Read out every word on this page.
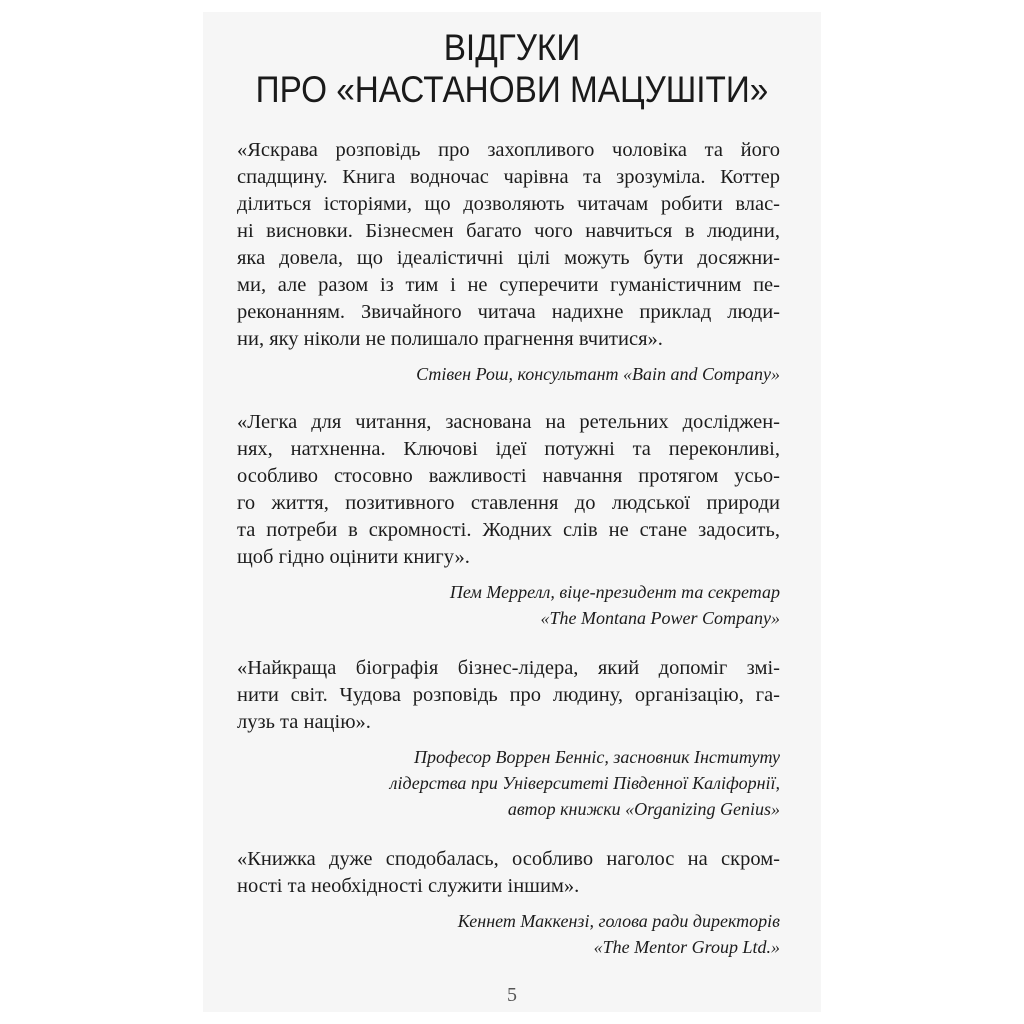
ВІДГУКИ
ПРО «НАСТАНОВИ МАЦУШІТИ»
«Яскрава розповідь про захопливого чоловіка та його
спадщину. Книга водночас чарівна та зрозуміла. Коттер
ділиться історіями, що дозволяють читачам робити влас-
ні висновки. Бізнесмен багато чого навчиться в людини,
яка довела, що ідеалістичні цілі можуть бути досяжни-
ми, але разом із тим і не суперечити гуманістичним пе-
реконанням. Звичайного читача надихне приклад люди-
ни, яку ніколи не полишало прагнення вчитися».
Стівен Рош, консультант «Bain and Company»
«Легка для читання, заснована на ретельних досліджен-
нях, натхненна. Ключові ідеї потужні та переконливі,
особливо стосовно важливості навчання протягом усьо-
го життя, позитивного ставлення до людської природи
та потреби в скромності. Жодних слів не стане задосить,
щоб гідно оцінити книгу».
Пем Меррелл, віце-президент та секретар
«The Montana Power Company»
«Найкраща біографія бізнес-лідера, який допоміг змі-
нити світ. Чудова розповідь про людину, організацію, га-
лузь та націю».
Професор Воррен Бенніс, засновник Інституту
лідерства при Університеті Південної Каліфорнії,
автор книжки «Organizing Genius»
«Книжка дуже сподобалась, особливо наголос на скром-
ності та необхідності служити іншим».
Кеннет Маккензі, голова ради директорів
«The Mentor Group Ltd.»
5
